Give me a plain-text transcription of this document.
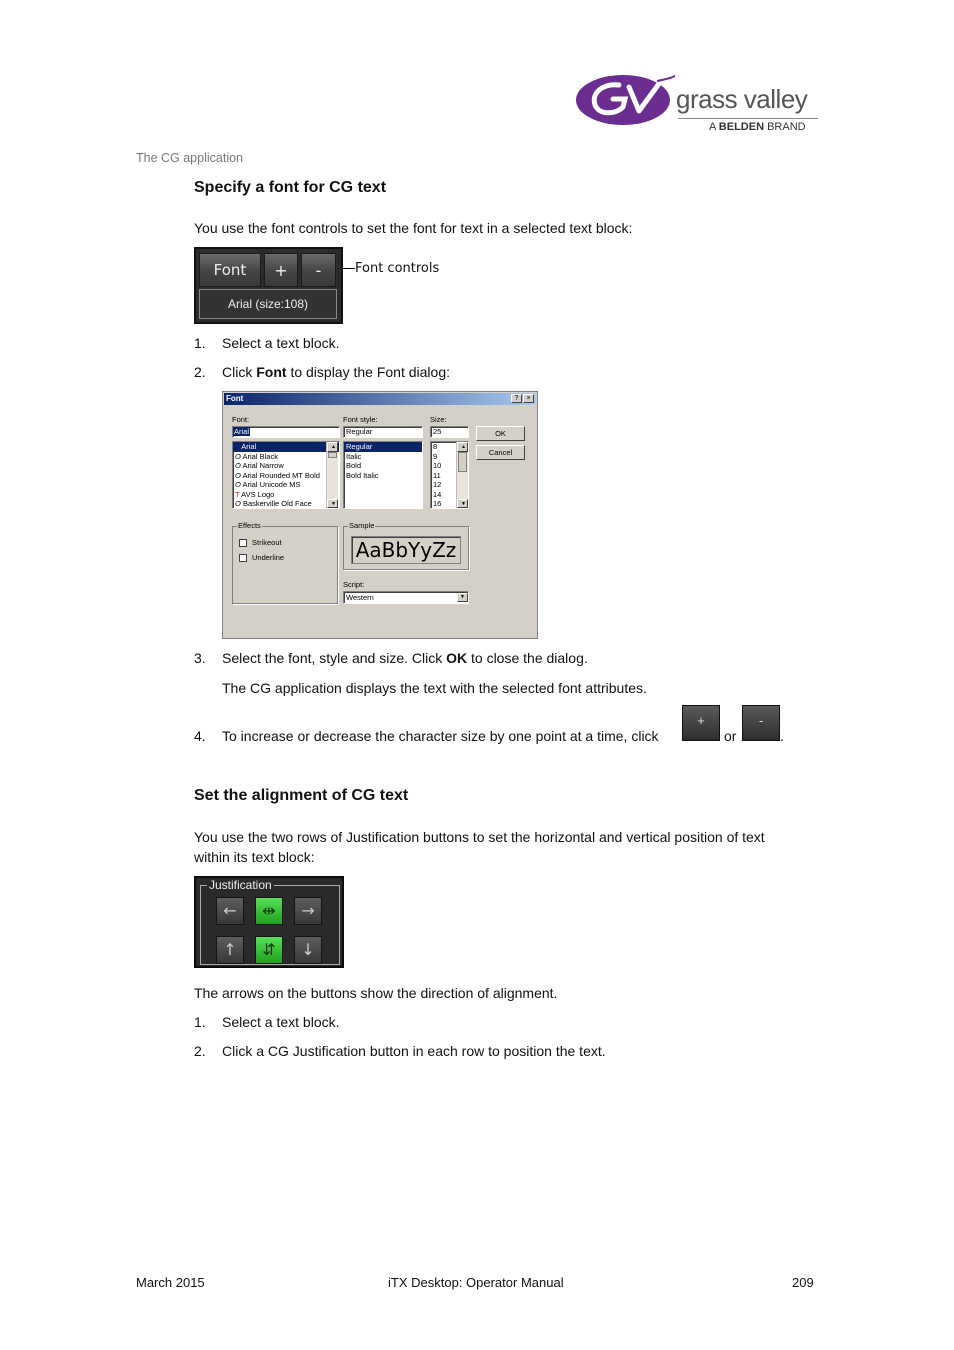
grass valley
A BELDEN BRAND
The CG application
Specify a font for CG text
You use the font controls to set the font for text in a selected text block:
Font	+	-
Arial (size:108)
Font controls
1.	Select a text block.
2.	Click Font to display the Font dialog:
Font	?	×
Font:
Arial
Arial
O Arial Black
O Arial Narrow
O Arial Rounded MT Bold
O Arial Unicode MS
T AVS Logo
O Baskerville Old Face
▲
▼
Font style:
Regular
Regular
Italic
Bold
Bold Italic
Size:
25
8
9
10
11
12
14
16
▲
▼
OK
Cancel
Effects
Strikeout
Underline
Sample
AaBbYyZz
Script:
Western	▼
3.	Select the font, style and size. Click OK to close the dialog.
The CG application displays the text with the selected font attributes.
4.	To increase or decrease the character size by one point at a time, click
+
or
-
.
Set the alignment of CG text
You use the two rows of Justification buttons to set the horizontal and vertical position of text
within its text block:
Justification
←	⇹	→
↑	⇵	↓
The arrows on the buttons show the direction of alignment.
1.	Select a text block.
2.	Click a CG Justification button in each row to position the text.
March 2015	iTX Desktop: Operator Manual	209
